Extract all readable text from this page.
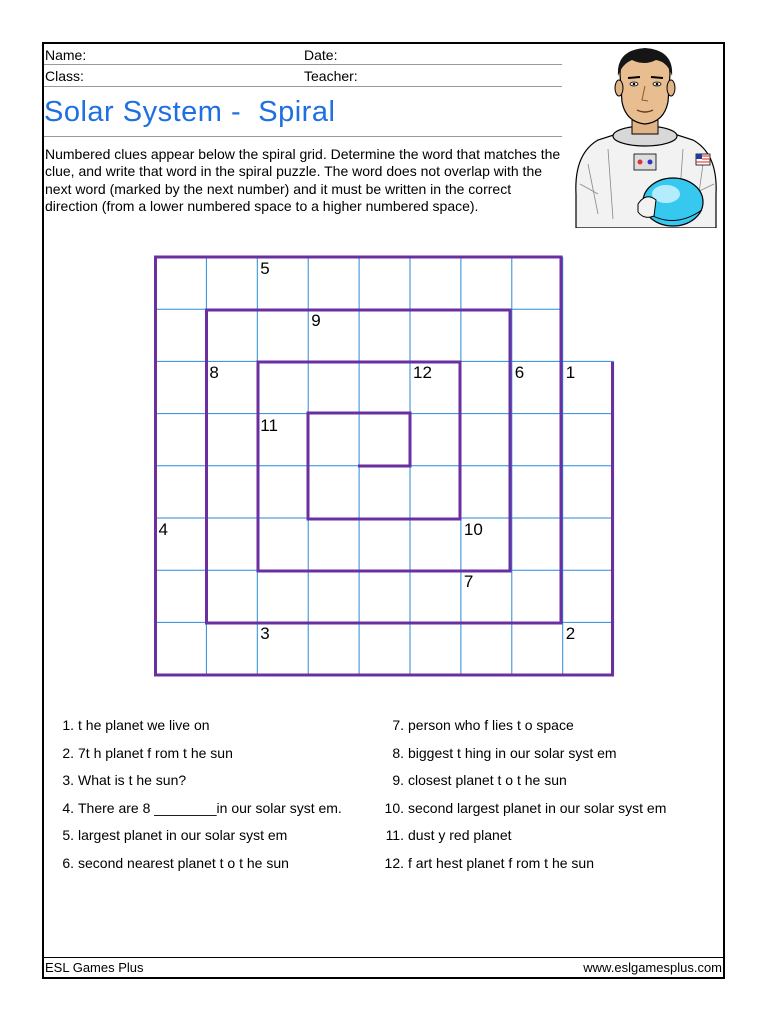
Name:	Date:
Class:	Teacher:
Solar System -  Spiral
Numbered clues appear below the spiral grid. Determine the word that matches the clue, and write that word in the spiral puzzle. The word does not overlap with the next word (marked by the next number) and it must be written in the correct direction (from a lower numbered space to a higher numbered space).
1
2
3
4
5
6
7
8
9
10
11
12
1. t he planet we live on
2. 7t h planet f rom t he sun
3. What is t he sun?
4. There are 8 ________in our solar syst em.
5. largest planet in our solar syst em
6. second nearest planet t o t he sun
7. person who f lies t o space
8. biggest t hing in our solar syst em
9. closest planet t o t he sun
10. second largest planet in our solar syst em
11. dust y red planet
12. f art hest planet f rom t he sun
ESL Games Plus	www.eslgamesplus.com
